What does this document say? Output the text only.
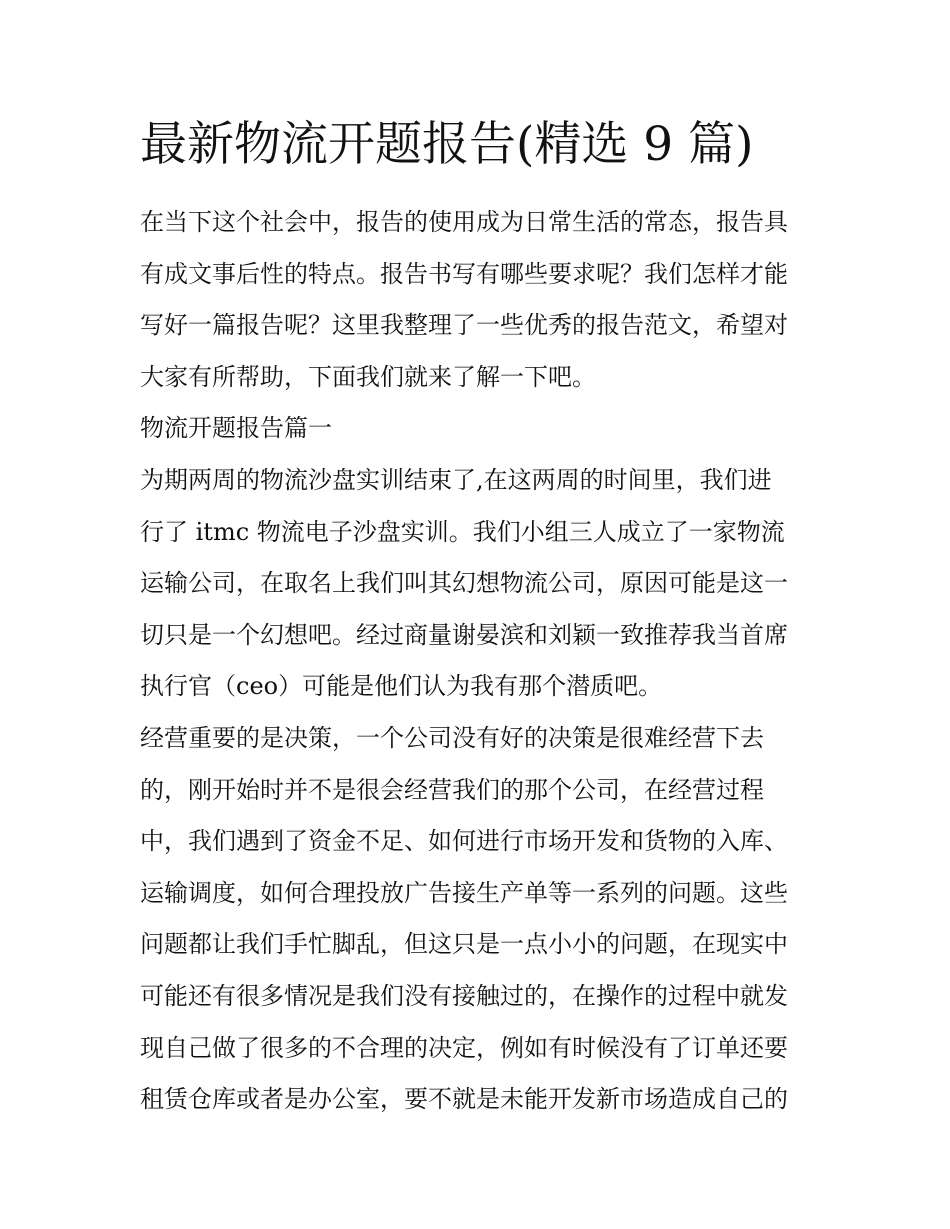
最新物流开题报告(精选 9 篇)
在当下这个社会中，报告的使用成为日常生活的常态，报告具
有成文事后性的特点。报告书写有哪些要求呢？我们怎样才能
写好一篇报告呢？这里我整理了一些优秀的报告范文，希望对
大家有所帮助，下面我们就来了解一下吧。
物流开题报告篇一
为期两周的物流沙盘实训结束了,在这两周的时间里，我们进
行了 itmc 物流电子沙盘实训。我们小组三人成立了一家物流
运输公司，在取名上我们叫其幻想物流公司，原因可能是这一
切只是一个幻想吧。经过商量谢晏滨和刘颖一致推荐我当首席
执行官（ceo）可能是他们认为我有那个潜质吧。
经营重要的是决策，一个公司没有好的决策是很难经营下去
的，刚开始时并不是很会经营我们的那个公司，在经营过程
中，我们遇到了资金不足、如何进行市场开发和货物的入库、
运输调度，如何合理投放广告接生产单等一系列的问题。这些
问题都让我们手忙脚乱，但这只是一点小小的问题，在现实中
可能还有很多情况是我们没有接触过的，在操作的过程中就发
现自己做了很多的不合理的决定，例如有时候没有了订单还要
租赁仓库或者是办公室，要不就是未能开发新市场造成自己的
